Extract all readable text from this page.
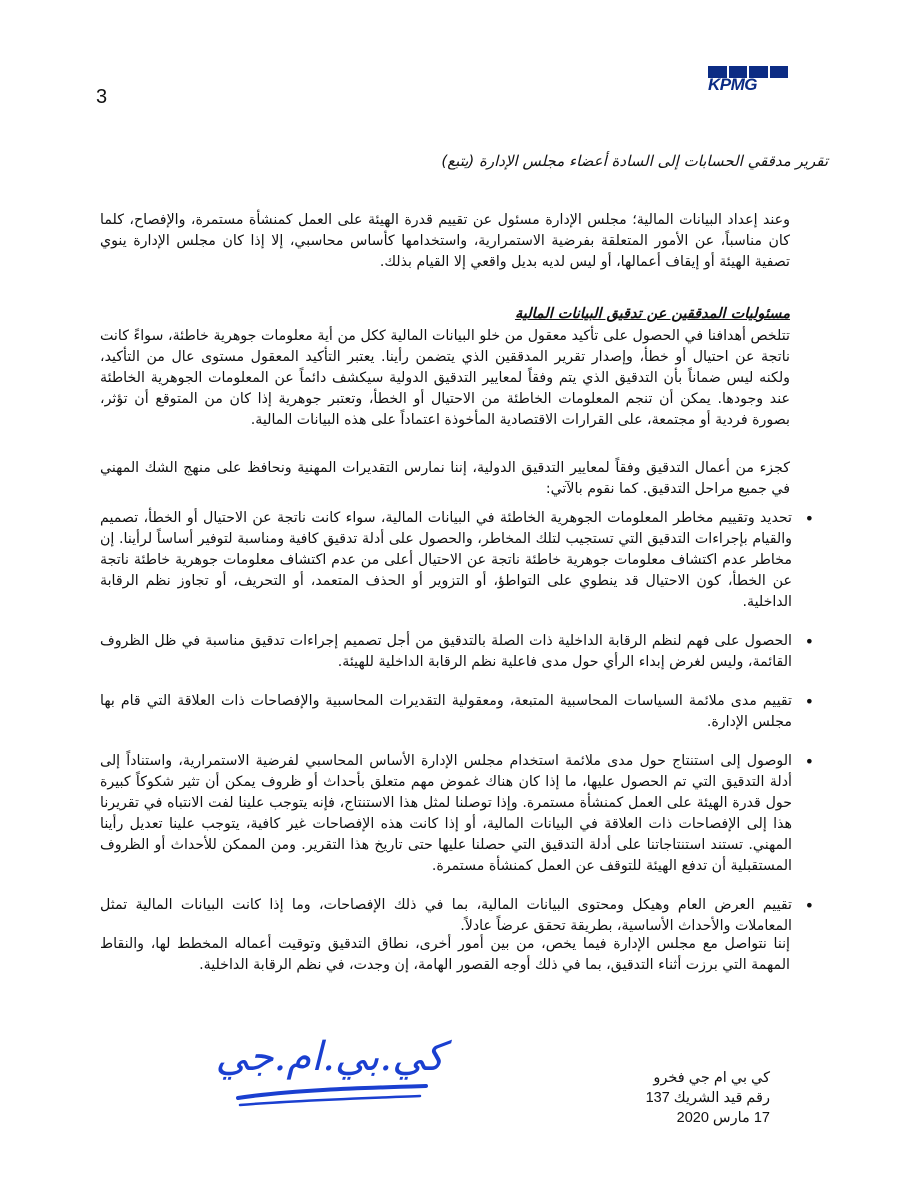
3
KPMG
تقرير مدققي الحسابات إلى السادة أعضاء مجلس الإدارة (يتبع)
وعند إعداد البيانات المالية؛ مجلس الإدارة مسئول عن تقييم قدرة الهيئة على العمل كمنشأة مستمرة، والإفصاح، كلما كان مناسباً، عن الأمور المتعلقة بفرضية الاستمرارية، واستخدامها كأساس محاسبي، إلا إذا كان مجلس الإدارة ينوي تصفية الهيئة أو إيقاف أعمالها، أو ليس لديه بديل واقعي إلا القيام بذلك.
مسئوليات المدققين عن تدقيق البيانات المالية
تتلخص أهدافنا في الحصول على تأكيد معقول من خلو البيانات المالية ككل من أية معلومات جوهرية خاطئة، سواءً كانت ناتجة عن احتيال أو خطأ، وإصدار تقرير المدققين الذي يتضمن رأينا. يعتبر التأكيد المعقول مستوى عال من التأكيد، ولكنه ليس ضماناً بأن التدقيق الذي يتم وفقاً لمعايير التدقيق الدولية سيكشف دائماً عن المعلومات الجوهرية الخاطئة عند وجودها. يمكن أن تنجم المعلومات الخاطئة من الاحتيال أو الخطأ، وتعتبر جوهرية إذا كان من المتوقع أن تؤثر، بصورة فردية أو مجتمعة، على القرارات الاقتصادية المأخوذة اعتماداً على هذه البيانات المالية.
كجزء من أعمال التدقيق وفقاً لمعايير التدقيق الدولية، إننا نمارس التقديرات المهنية ونحافظ على منهج الشك المهني في جميع مراحل التدقيق. كما نقوم بالآتي:
• تحديد وتقييم مخاطر المعلومات الجوهرية الخاطئة في البيانات المالية، سواء كانت ناتجة عن الاحتيال أو الخطأ، تصميم والقيام بإجراءات التدقيق التي تستجيب لتلك المخاطر، والحصول على أدلة تدقيق كافية ومناسبة لتوفير أساساً لرأينا. إن مخاطر عدم اكتشاف معلومات جوهرية خاطئة ناتجة عن الاحتيال أعلى من عدم اكتشاف معلومات جوهرية خاطئة ناتجة عن الخطأ، كون الاحتيال قد ينطوي على التواطؤ، أو التزوير أو الحذف المتعمد، أو التحريف، أو تجاوز نظم الرقابة الداخلية.
• الحصول على فهم لنظم الرقابة الداخلية ذات الصلة بالتدقيق من أجل تصميم إجراءات تدقيق مناسبة في ظل الظروف القائمة، وليس لغرض إبداء الرأي حول مدى فاعلية نظم الرقابة الداخلية للهيئة.
• تقييم مدى ملائمة السياسات المحاسبية المتبعة، ومعقولية التقديرات المحاسبية والإفصاحات ذات العلاقة التي قام بها مجلس الإدارة.
• الوصول إلى استنتاج حول مدى ملائمة استخدام مجلس الإدارة الأساس المحاسبي لفرضية الاستمرارية، واستناداً إلى أدلة التدقيق التي تم الحصول عليها، ما إذا كان هناك غموض مهم متعلق بأحداث أو ظروف يمكن أن تثير شكوكاً كبيرة حول قدرة الهيئة على العمل كمنشأة مستمرة. وإذا توصلنا لمثل هذا الاستنتاج، فإنه يتوجب علينا لفت الانتباه في تقريرنا هذا إلى الإفصاحات ذات العلاقة في البيانات المالية، أو إذا كانت هذه الإفصاحات غير كافية، يتوجب علينا تعديل رأينا المهني. تستند استنتاجاتنا على أدلة التدقيق التي حصلنا عليها حتى تاريخ هذا التقرير. ومن الممكن للأحداث أو الظروف المستقبلية أن تدفع الهيئة للتوقف عن العمل كمنشأة مستمرة.
• تقييم العرض العام وهيكل ومحتوى البيانات المالية، بما في ذلك الإفصاحات، وما إذا كانت البيانات المالية تمثل المعاملات والأحداث الأساسية، بطريقة تحقق عرضاً عادلاً.
إننا نتواصل مع مجلس الإدارة فيما يخص، من بين أمور أخرى، نطاق التدقيق وتوقيت أعماله المخطط لها، والنقاط المهمة التي برزت أثناء التدقيق، بما في ذلك أوجه القصور الهامة، إن وجدت، في نظم الرقابة الداخلية.
كي.بي.ام.جي	كي بي ام جي فخرو
رقم قيد الشريك 137
17 مارس 2020
